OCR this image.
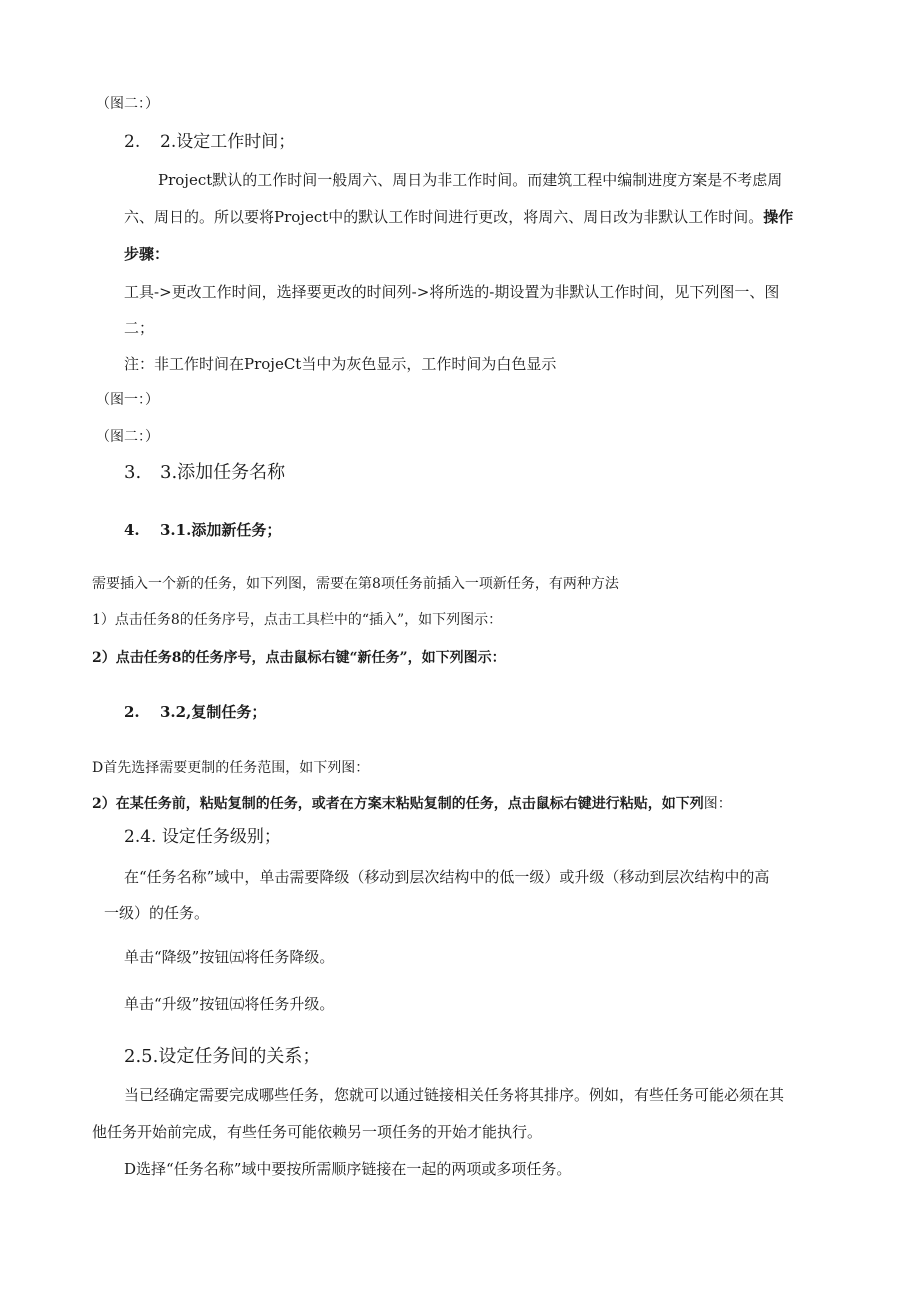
（图二：）
2. 2.设定工作时间；
Project默认的工作时间一般周六、周日为非工作时间。而建筑工程中编制进度方案是不考虑周
六、周日的。所以要将Project中的默认工作时间进行更改，将周六、周日改为非默认工作时间。操作
步骤：
工具->更改工作时间，选择要更改的时间列->将所选的-期设置为非默认工作时间，见下列图一、图
二；
注：非工作时间在ProjeCt当中为灰色显示，工作时间为白色显示
（图一：）
（图二：）
3. 3.添加任务名称
4. 3.1.添加新任务；
需要插入一个新的任务，如下列图，需要在第8项任务前插入一项新任务，有两种方法
1）点击任务8的任务序号，点击工具栏中的“插入”，如下列图示：
2）点击任务8的任务序号，点击鼠标右键“新任务”，如下列图示：
2. 3.2,复制任务；
D首先选择需要更制的任务范围，如下列图：
2）在某任务前，粘贴复制的任务，或者在方案末粘贴复制的任务，点击鼠标右键进行粘贴，如下列图：
2.4. 设定任务级别；
在“任务名称”域中，单击需要降级（移动到层次结构中的低一级）或升级（移动到层次结构中的高
一级）的任务。
单击“降级”按钮㈤将任务降级。
单击“升级”按钮㈤将任务升级。
2.5.设定任务间的关系；
当已经确定需要完成哪些任务，您就可以通过链接相关任务将其排序。例如，有些任务可能必须在其
他任务开始前完成，有些任务可能依赖另一项任务的开始才能执行。
D选择“任务名称”域中要按所需顺序链接在一起的两项或多项任务。
